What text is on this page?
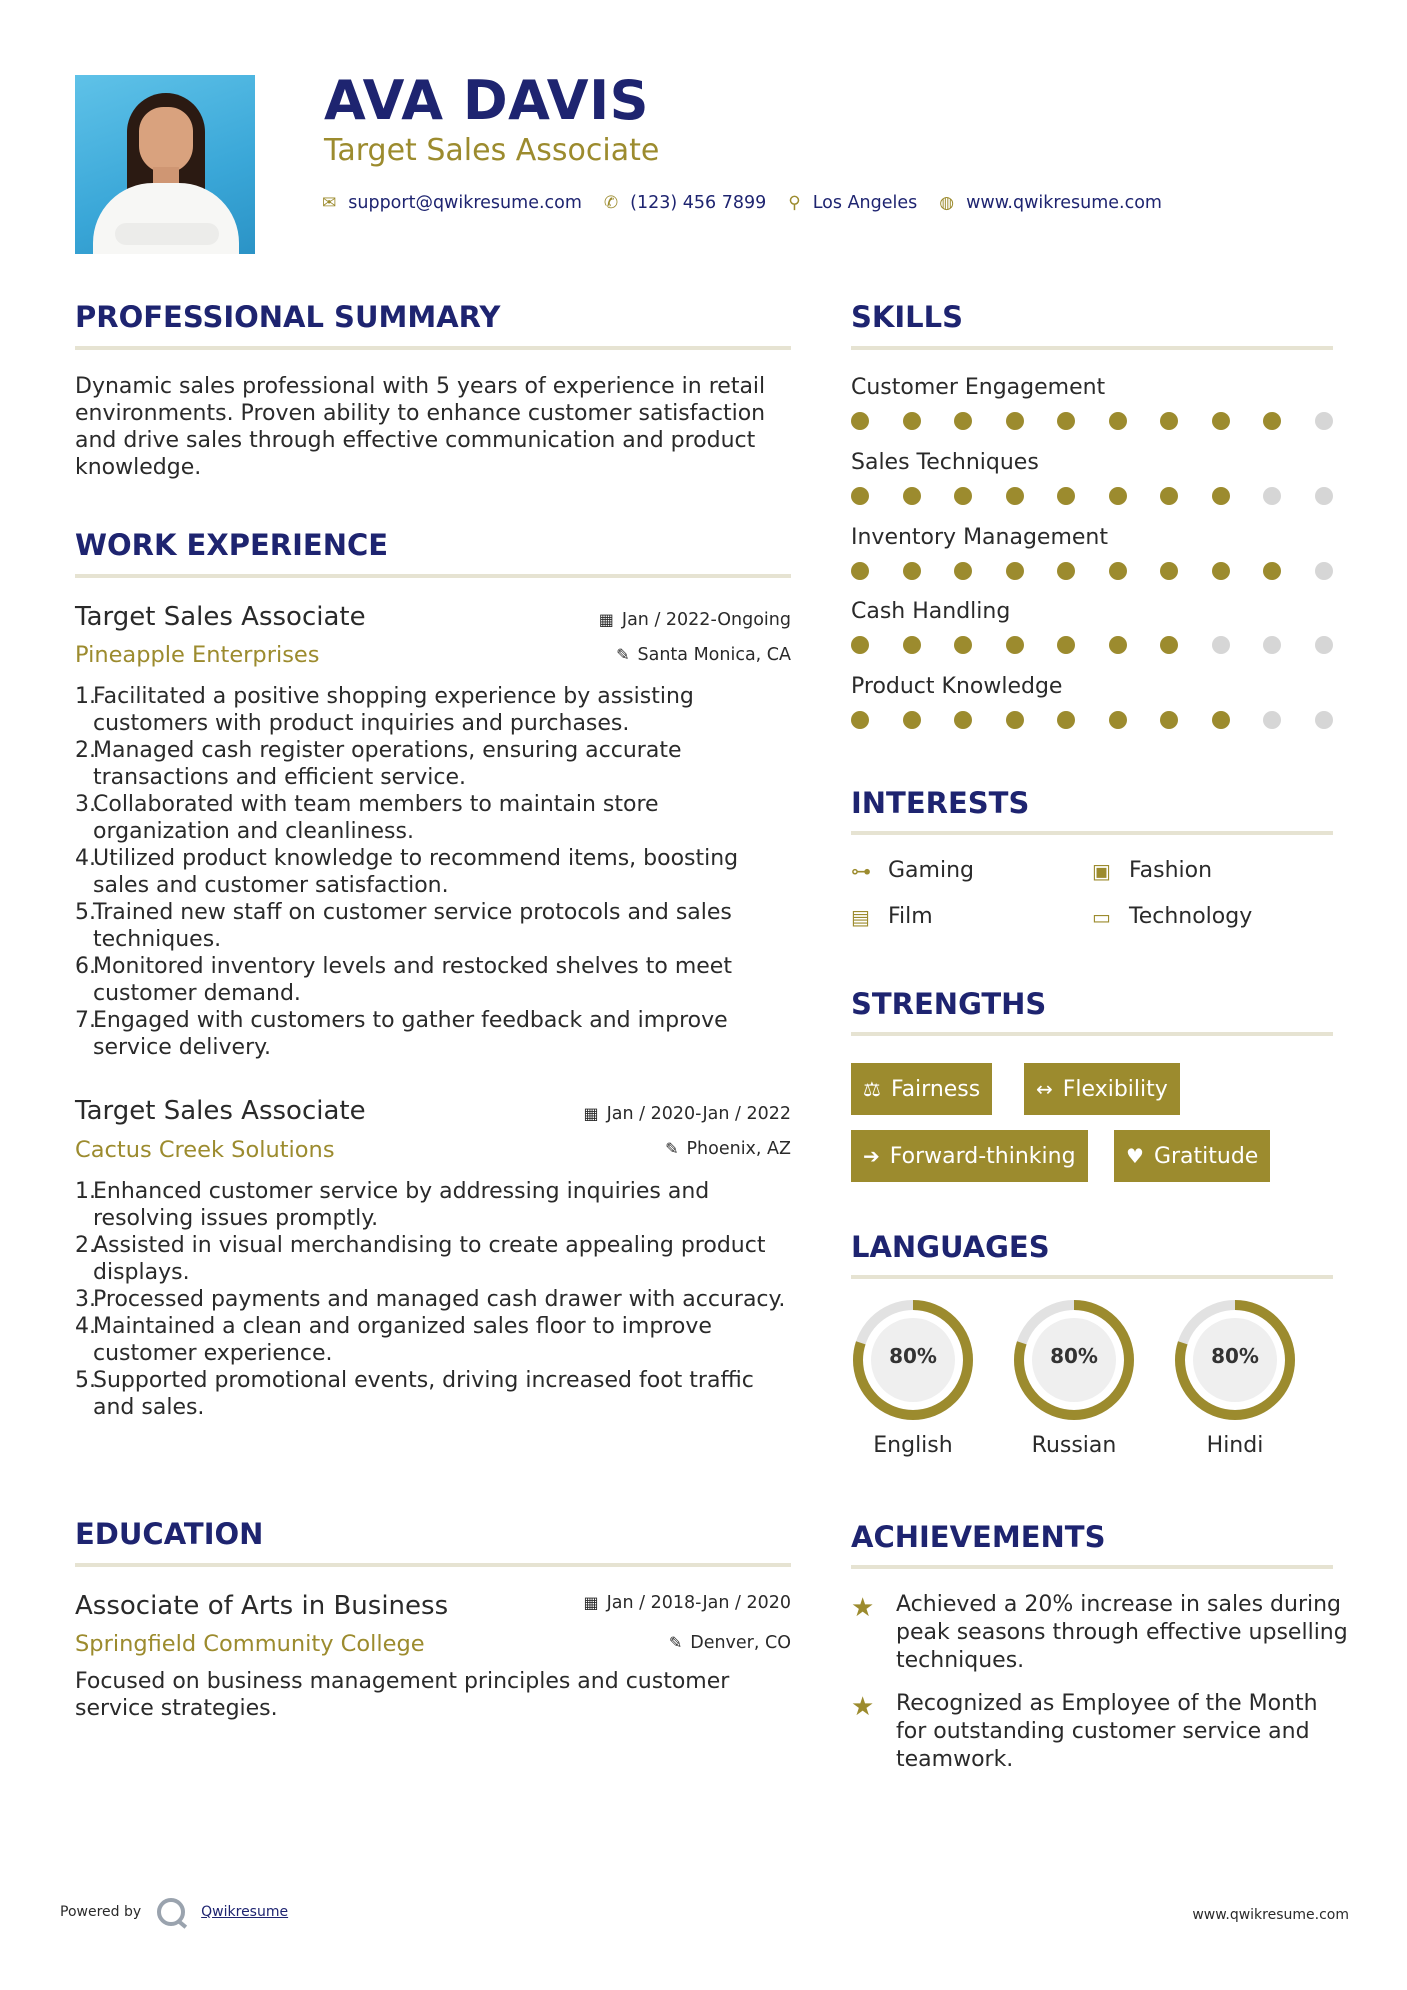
AVA DAVIS
Target Sales Associate
✉ support@qwikresume.com ✆ (123) 456 7899 ⚲ Los Angeles ◍ www.qwikresume.com
PROFESSIONAL SUMMARY
Dynamic sales professional with 5 years of experience in retail environments. Proven ability to enhance customer satisfaction and drive sales through effective communication and product knowledge.
WORK EXPERIENCE
Target Sales Associate	▦ Jan / 2022-Ongoing
Pineapple Enterprises	✎ Santa Monica, CA
1.
Facilitated a positive shopping experience by assisting customers with product inquiries and purchases.
2.
Managed cash register operations, ensuring accurate transactions and efficient service.
3.
Collaborated with team members to maintain store organization and cleanliness.
4.
Utilized product knowledge to recommend items, boosting sales and customer satisfaction.
5.
Trained new staff on customer service protocols and sales techniques.
6.
Monitored inventory levels and restocked shelves to meet customer demand.
7.
Engaged with customers to gather feedback and improve service delivery.
Target Sales Associate	▦ Jan / 2020-Jan / 2022
Cactus Creek Solutions	✎ Phoenix, AZ
1.
Enhanced customer service by addressing inquiries and resolving issues promptly.
2.
Assisted in visual merchandising to create appealing product displays.
3.
Processed payments and managed cash drawer with accuracy.
4.
Maintained a clean and organized sales floor to improve customer experience.
5.
Supported promotional events, driving increased foot traffic and sales.
EDUCATION
Associate of Arts in Business	▦ Jan / 2018-Jan / 2020
Springfield Community College	✎ Denver, CO
Focused on business management principles and customer service strategies.
SKILLS
Customer Engagement
Sales Techniques
Inventory Management
Cash Handling
Product Knowledge
INTERESTS
⊶ Gaming	▣ Fashion
▤ Film	▭ Technology
STRENGTHS
⚖ Fairness	↔ Flexibility
➔ Forward-thinking	♥ Gratitude
LANGUAGES
80%
English
80%
Russian
80%
Hindi
ACHIEVEMENTS
★ Achieved a 20% increase in sales during peak seasons through effective upselling techniques.
★ Recognized as Employee of the Month for outstanding customer service and teamwork.
Powered by	Qwikresume	www.qwikresume.com
